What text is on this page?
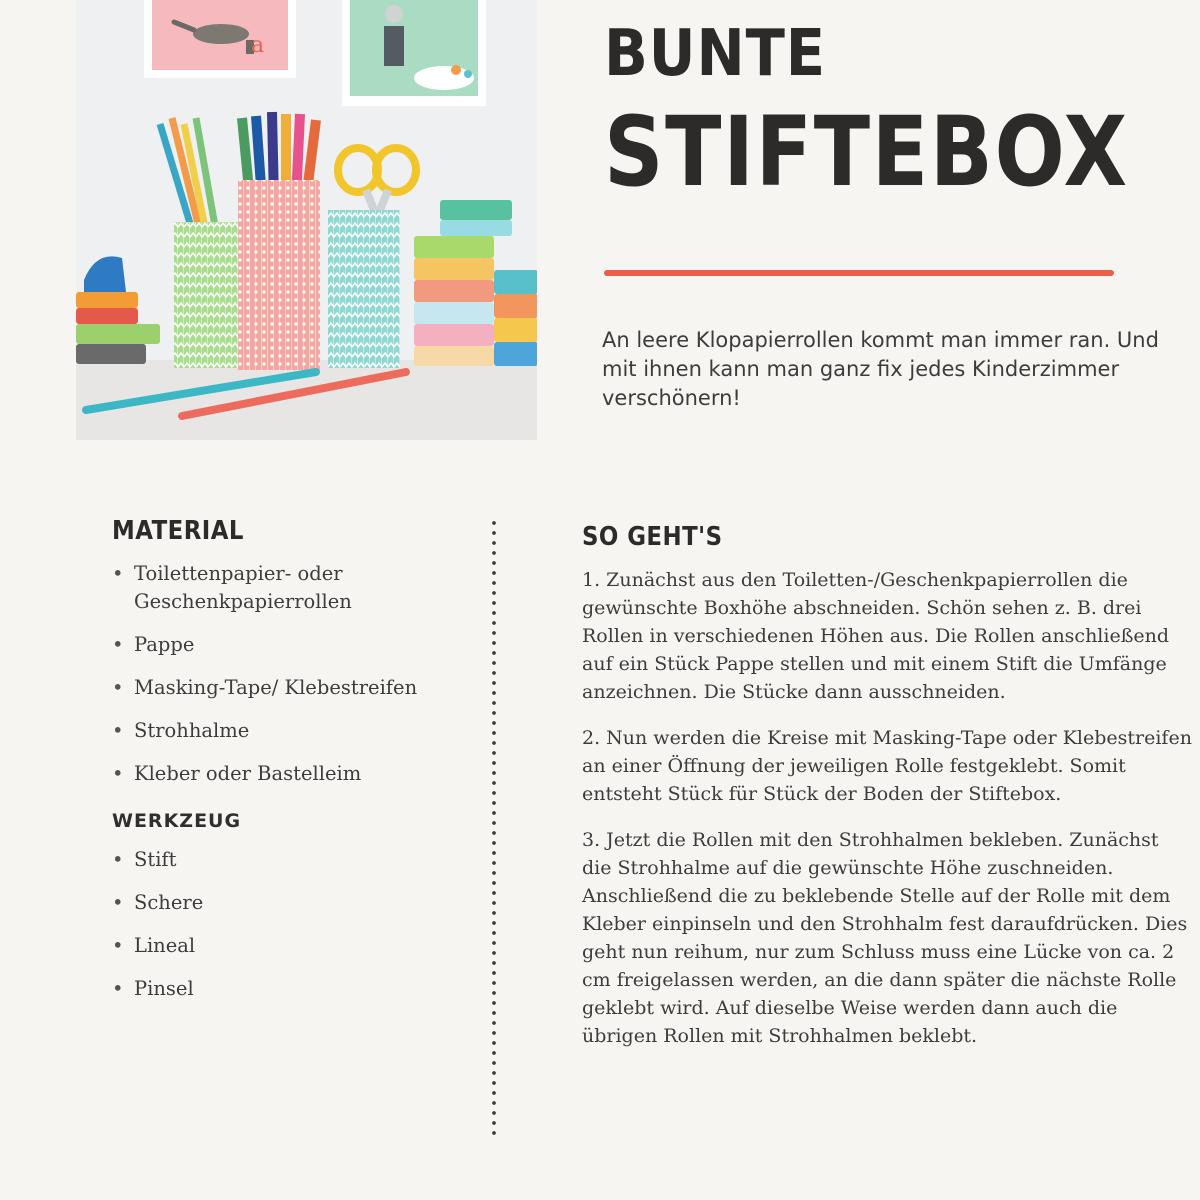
a	BUNTE
STIFTEBOX

An leere Klopapierrollen kommt man immer ran. Und mit ihnen kann man ganz fix jedes Kinderzimmer verschönern!

MATERIAL
• Toilettenpapier- oder Geschenkpapierrollen
• Pappe
• Masking-Tape/ Klebestreifen
• Strohhalme
• Kleber oder Bastelleim
WERKZEUG
• Stift
• Schere
• Lineal
• Pinsel
SO GEHT'S

1. Zunächst aus den Toiletten-/Geschenkpapierrollen die gewünschte Boxhöhe abschneiden. Schön sehen z. B. drei Rollen in verschiedenen Höhen aus. Die Rollen anschließend auf ein Stück Pappe stellen und mit einem Stift die Umfänge anzeichnen. Die Stücke dann ausschneiden.

2. Nun werden die Kreise mit Masking-Tape oder Klebestreifen an einer Öffnung der jeweiligen Rolle festgeklebt. Somit entsteht Stück für Stück der Boden der Stiftebox.

3. Jetzt die Rollen mit den Strohhalmen bekleben. Zunächst die Strohhalme auf die gewünschte Höhe zuschneiden. Anschließend die zu beklebende Stelle auf der Rolle mit dem Kleber einpinseln und den Strohhalm fest daraufdrücken. Dies geht nun reihum, nur zum Schluss muss eine Lücke von ca. 2 cm freigelassen werden, an die dann später die nächste Rolle geklebt wird. Auf dieselbe Weise werden dann auch die übrigen Rollen mit Strohhalmen beklebt.
